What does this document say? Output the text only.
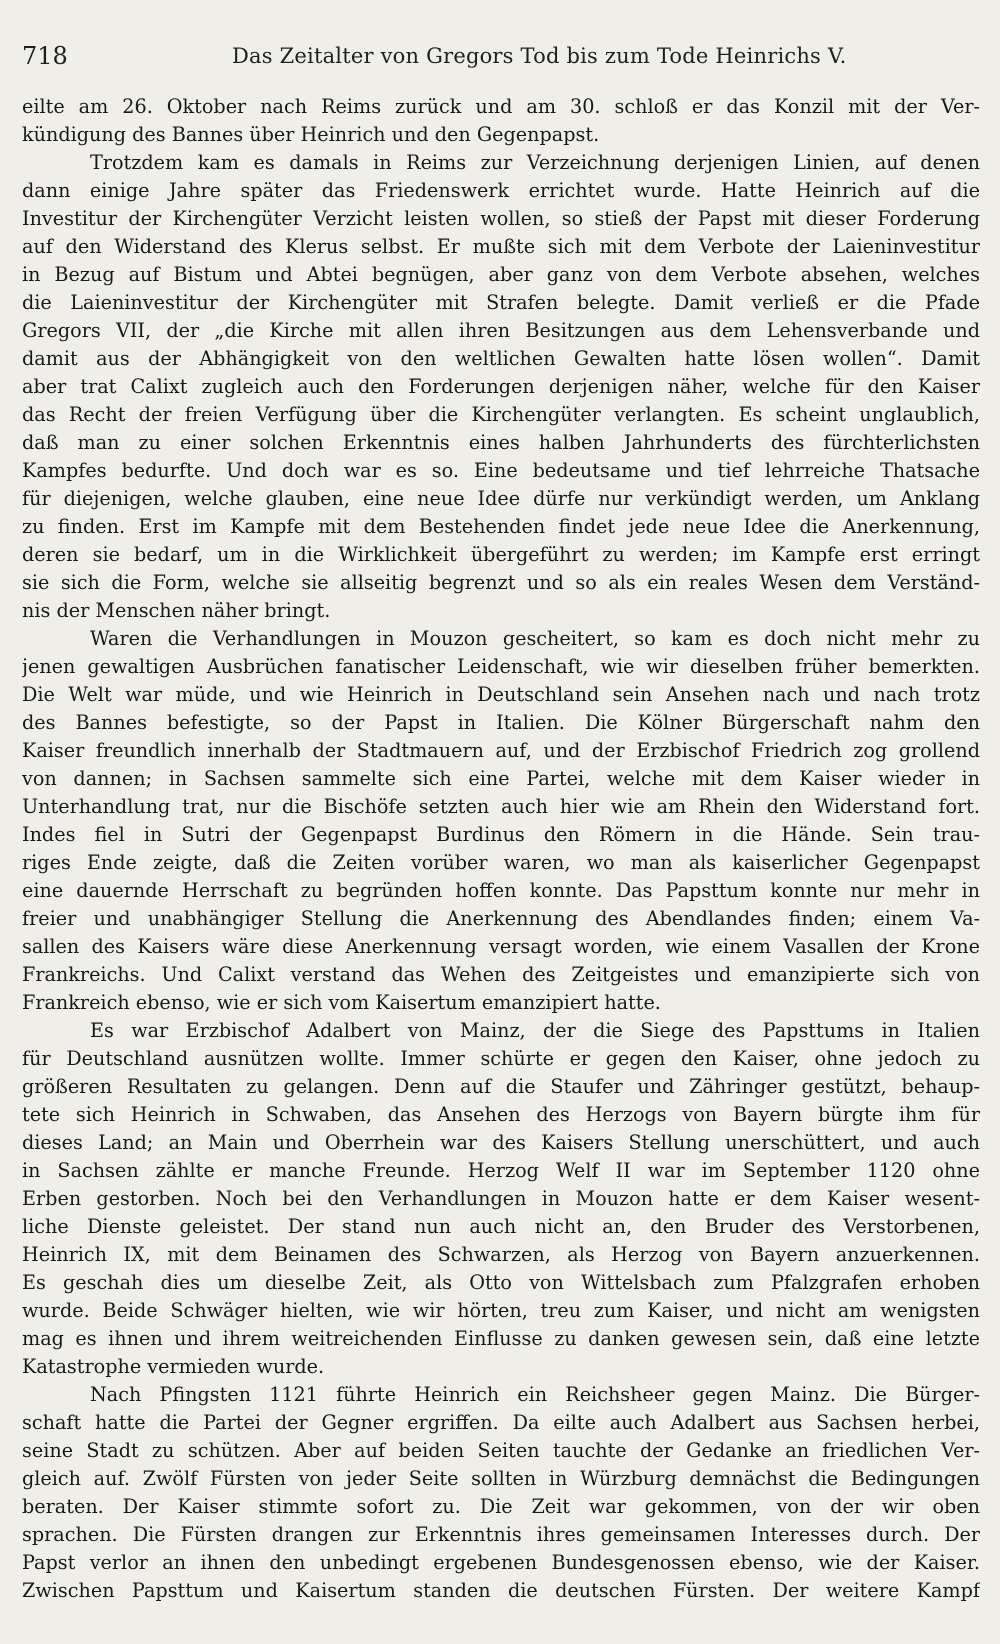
718	Das Zeitalter von Gregors Tod bis zum Tode Heinrichs V.
eilte am 26. Oktober nach Reims zurück und am 30. schloß er das Konzil mit der Ver-
kündigung des Bannes über Heinrich und den Gegenpapst.
Trotzdem kam es damals in Reims zur Verzeichnung derjenigen Linien, auf denen
dann einige Jahre später das Friedenswerk errichtet wurde. Hatte Heinrich auf die
Investitur der Kirchengüter Verzicht leisten wollen, so stieß der Papst mit dieser Forderung
auf den Widerstand des Klerus selbst. Er mußte sich mit dem Verbote der Laieninvestitur
in Bezug auf Bistum und Abtei begnügen, aber ganz von dem Verbote absehen, welches
die Laieninvestitur der Kirchengüter mit Strafen belegte. Damit verließ er die Pfade
Gregors VII, der „die Kirche mit allen ihren Besitzungen aus dem Lehensverbande und
damit aus der Abhängigkeit von den weltlichen Gewalten hatte lösen wollen“. Damit
aber trat Calixt zugleich auch den Forderungen derjenigen näher, welche für den Kaiser
das Recht der freien Verfügung über die Kirchengüter verlangten. Es scheint unglaublich,
daß man zu einer solchen Erkenntnis eines halben Jahrhunderts des fürchterlichsten
Kampfes bedurfte. Und doch war es so. Eine bedeutsame und tief lehrreiche Thatsache
für diejenigen, welche glauben, eine neue Idee dürfe nur verkündigt werden, um Anklang
zu finden. Erst im Kampfe mit dem Bestehenden findet jede neue Idee die Anerkennung,
deren sie bedarf, um in die Wirklichkeit übergeführt zu werden; im Kampfe erst erringt
sie sich die Form, welche sie allseitig begrenzt und so als ein reales Wesen dem Verständ-
nis der Menschen näher bringt.
Waren die Verhandlungen in Mouzon gescheitert, so kam es doch nicht mehr zu
jenen gewaltigen Ausbrüchen fanatischer Leidenschaft, wie wir dieselben früher bemerkten.
Die Welt war müde, und wie Heinrich in Deutschland sein Ansehen nach und nach trotz
des Bannes befestigte, so der Papst in Italien. Die Kölner Bürgerschaft nahm den
Kaiser freundlich innerhalb der Stadtmauern auf, und der Erzbischof Friedrich zog grollend
von dannen; in Sachsen sammelte sich eine Partei, welche mit dem Kaiser wieder in
Unterhandlung trat, nur die Bischöfe setzten auch hier wie am Rhein den Widerstand fort.
Indes fiel in Sutri der Gegenpapst Burdinus den Römern in die Hände. Sein trau-
riges Ende zeigte, daß die Zeiten vorüber waren, wo man als kaiserlicher Gegenpapst
eine dauernde Herrschaft zu begründen hoffen konnte. Das Papsttum konnte nur mehr in
freier und unabhängiger Stellung die Anerkennung des Abendlandes finden; einem Va-
sallen des Kaisers wäre diese Anerkennung versagt worden, wie einem Vasallen der Krone
Frankreichs. Und Calixt verstand das Wehen des Zeitgeistes und emanzipierte sich von
Frankreich ebenso, wie er sich vom Kaisertum emanzipiert hatte.
Es war Erzbischof Adalbert von Mainz, der die Siege des Papsttums in Italien
für Deutschland ausnützen wollte. Immer schürte er gegen den Kaiser, ohne jedoch zu
größeren Resultaten zu gelangen. Denn auf die Staufer und Zähringer gestützt, behaup-
tete sich Heinrich in Schwaben, das Ansehen des Herzogs von Bayern bürgte ihm für
dieses Land; an Main und Oberrhein war des Kaisers Stellung unerschüttert, und auch
in Sachsen zählte er manche Freunde. Herzog Welf II war im September 1120 ohne
Erben gestorben. Noch bei den Verhandlungen in Mouzon hatte er dem Kaiser wesent-
liche Dienste geleistet. Der stand nun auch nicht an, den Bruder des Verstorbenen,
Heinrich IX, mit dem Beinamen des Schwarzen, als Herzog von Bayern anzuerkennen.
Es geschah dies um dieselbe Zeit, als Otto von Wittelsbach zum Pfalzgrafen erhoben
wurde. Beide Schwäger hielten, wie wir hörten, treu zum Kaiser, und nicht am wenigsten
mag es ihnen und ihrem weitreichenden Einflusse zu danken gewesen sein, daß eine letzte
Katastrophe vermieden wurde.
Nach Pfingsten 1121 führte Heinrich ein Reichsheer gegen Mainz. Die Bürger-
schaft hatte die Partei der Gegner ergriffen. Da eilte auch Adalbert aus Sachsen herbei,
seine Stadt zu schützen. Aber auf beiden Seiten tauchte der Gedanke an friedlichen Ver-
gleich auf. Zwölf Fürsten von jeder Seite sollten in Würzburg demnächst die Bedingungen
beraten. Der Kaiser stimmte sofort zu. Die Zeit war gekommen, von der wir oben
sprachen. Die Fürsten drangen zur Erkenntnis ihres gemeinsamen Interesses durch. Der
Papst verlor an ihnen den unbedingt ergebenen Bundesgenossen ebenso, wie der Kaiser.
Zwischen Papsttum und Kaisertum standen die deutschen Fürsten. Der weitere Kampf
